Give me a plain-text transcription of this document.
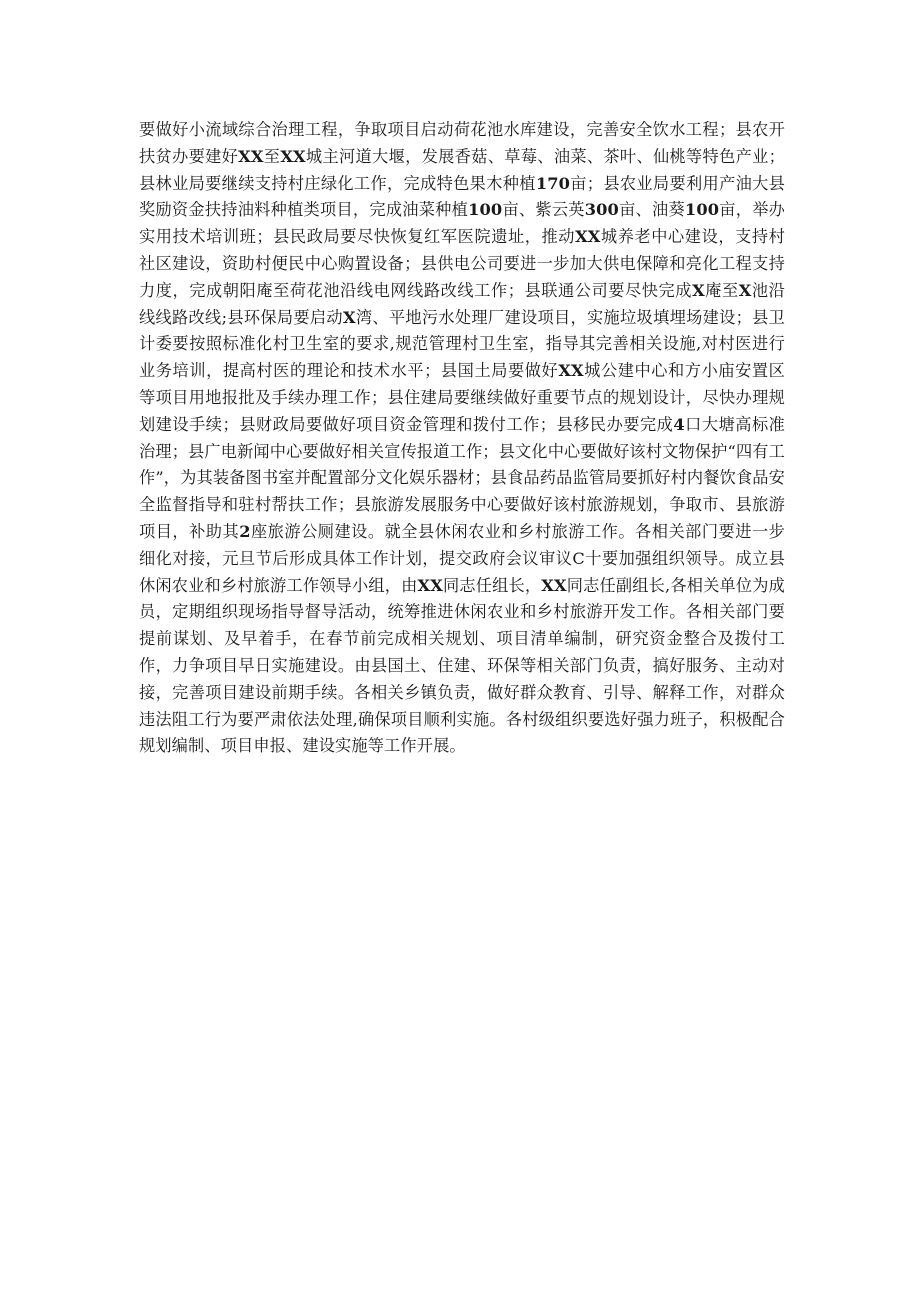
要做好小流域综合治理工程，争取项目启动荷花池水库建设，完善安全饮水工程；县农开扶贫办要建好XX至XX城主河道大堰，发展香菇、草莓、油菜、茶叶、仙桃等特色产业；县林业局要继续支持村庄绿化工作，完成特色果木种植170亩；县农业局要利用产油大县奖励资金扶持油料种植类项目，完成油菜种植100亩、紫云英300亩、油葵100亩，举办实用技术培训班；县民政局要尽快恢复红军医院遗址，推动XX城养老中心建设，支持村社区建设，资助村便民中心购置设备；县供电公司要进一步加大供电保障和亮化工程支持力度，完成朝阳庵至荷花池沿线电网线路改线工作；县联通公司要尽快完成X庵至X池沿线线路改线;县环保局要启动X湾、平地污水处理厂建设项目，实施垃圾填埋场建设；县卫计委要按照标准化村卫生室的要求,规范管理村卫生室，指导其完善相关设施,对村医进行业务培训，提高村医的理论和技术水平；县国土局要做好XX城公建中心和方小庙安置区等项目用地报批及手续办理工作；县住建局要继续做好重要节点的规划设计，尽快办理规划建设手续；县财政局要做好项目资金管理和拨付工作；县移民办要完成4口大塘高标准治理；县广电新闻中心要做好相关宣传报道工作；县文化中心要做好该村文物保护“四有工作”，为其装备图书室并配置部分文化娱乐器材；县食品药品监管局要抓好村内餐饮食品安全监督指导和驻村帮扶工作；县旅游发展服务中心要做好该村旅游规划，争取市、县旅游项目，补助其2座旅游公厕建设。就全县休闲农业和乡村旅游工作。各相关部门要进一步细化对接，元旦节后形成具体工作计划，提交政府会议审议C十要加强组织领导。成立县休闲农业和乡村旅游工作领导小组，由XX同志任组长，XX同志任副组长,各相关单位为成员，定期组织现场指导督导活动，统筹推进休闲农业和乡村旅游开发工作。各相关部门要提前谋划、及早着手，在春节前完成相关规划、项目清单编制，研究资金整合及拨付工作，力争项目早日实施建设。由县国土、住建、环保等相关部门负责，搞好服务、主动对接，完善项目建设前期手续。各相关乡镇负责，做好群众教育、引导、解释工作，对群众违法阻工行为要严肃依法处理,确保项目顺利实施。各村级组织要选好强力班子，积极配合规划编制、项目申报、建设实施等工作开展。
